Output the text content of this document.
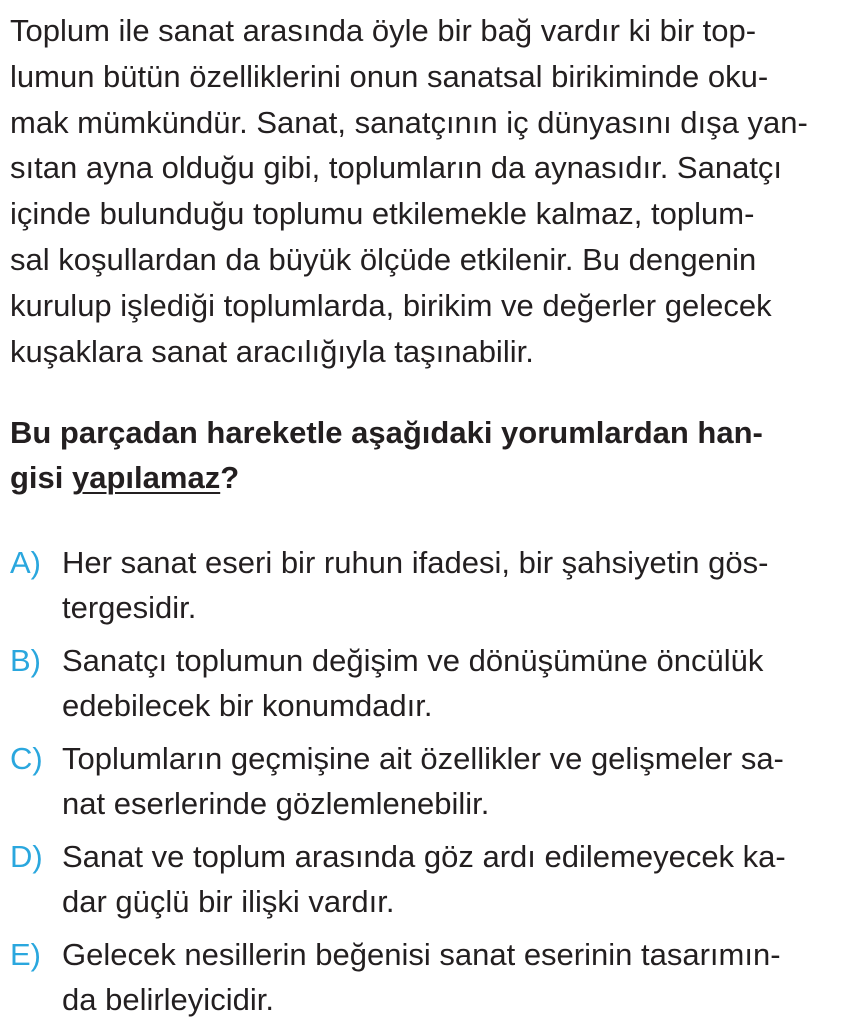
Toplum ile sanat arasında öyle bir bağ vardır ki bir top-
lumun bütün özelliklerini onun sanatsal birikiminde oku-
mak mümkündür. Sanat, sanatçının iç dünyasını dışa yan-
sıtan ayna olduğu gibi, toplumların da aynasıdır. Sanatçı
içinde bulunduğu toplumu etkilemekle kalmaz, toplum-
sal koşullardan da büyük ölçüde etkilenir. Bu dengenin
kurulup işlediği toplumlarda, birikim ve değerler gelecek
kuşaklara sanat aracılığıyla taşınabilir.
Bu parçadan hareketle aşağıdaki yorumlardan han-
gisi yapılamaz?
A) Her sanat eseri bir ruhun ifadesi, bir şahsiyetin gös-
tergesidir.
B) Sanatçı toplumun değişim ve dönüşümüne öncülük
edebilecek bir konumdadır.
C) Toplumların geçmişine ait özellikler ve gelişmeler sa-
nat eserlerinde gözlemlenebilir.
D) Sanat ve toplum arasında göz ardı edilemeyecek ka-
dar güçlü bir ilişki vardır.
E) Gelecek nesillerin beğenisi sanat eserinin tasarımın-
da belirleyicidir.
